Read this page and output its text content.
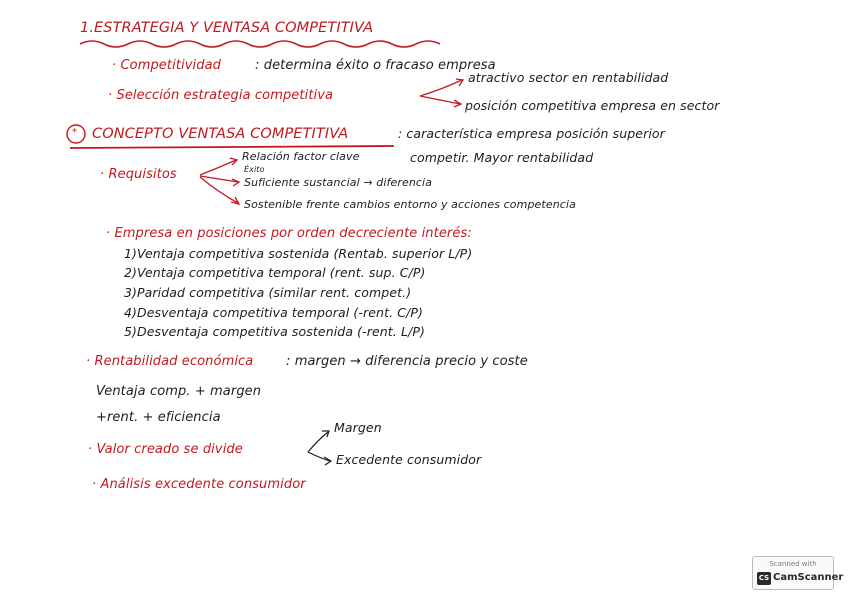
1.ESTRATEGIA Y VENTASA COMPETITIVA
· Competitividad	: determina éxito o fracaso empresa
· Selección estrategia competitiva
atractivo sector en rentabilidad
posición competitiva empresa en sector
* CONCEPTO VENTASA COMPETITIVA	: característica empresa posición superior
competir. Mayor rentabilidad
· Requisitos
Relación factor clave
Éxito
Suficiente sustancial → diferencia
Sostenible frente cambios entorno y acciones competencia
· Empresa en posiciones por orden decreciente interés:
1)Ventaja competitiva sostenida (Rentab. superior L/P)
2)Ventaja competitiva temporal (rent. sup. C/P)
3)Paridad competitiva (similar rent. compet.)
4)Desventaja competitiva temporal (-rent. C/P)
5)Desventaja competitiva sostenida (-rent. L/P)
· Rentabilidad económica	: margen → diferencia precio y coste
Ventaja comp. + margen
+rent. + eficiencia
· Valor creado se divide
Margen
Excedente consumidor
· Análisis excedente consumidor
Scanned with
CS CamScanner
